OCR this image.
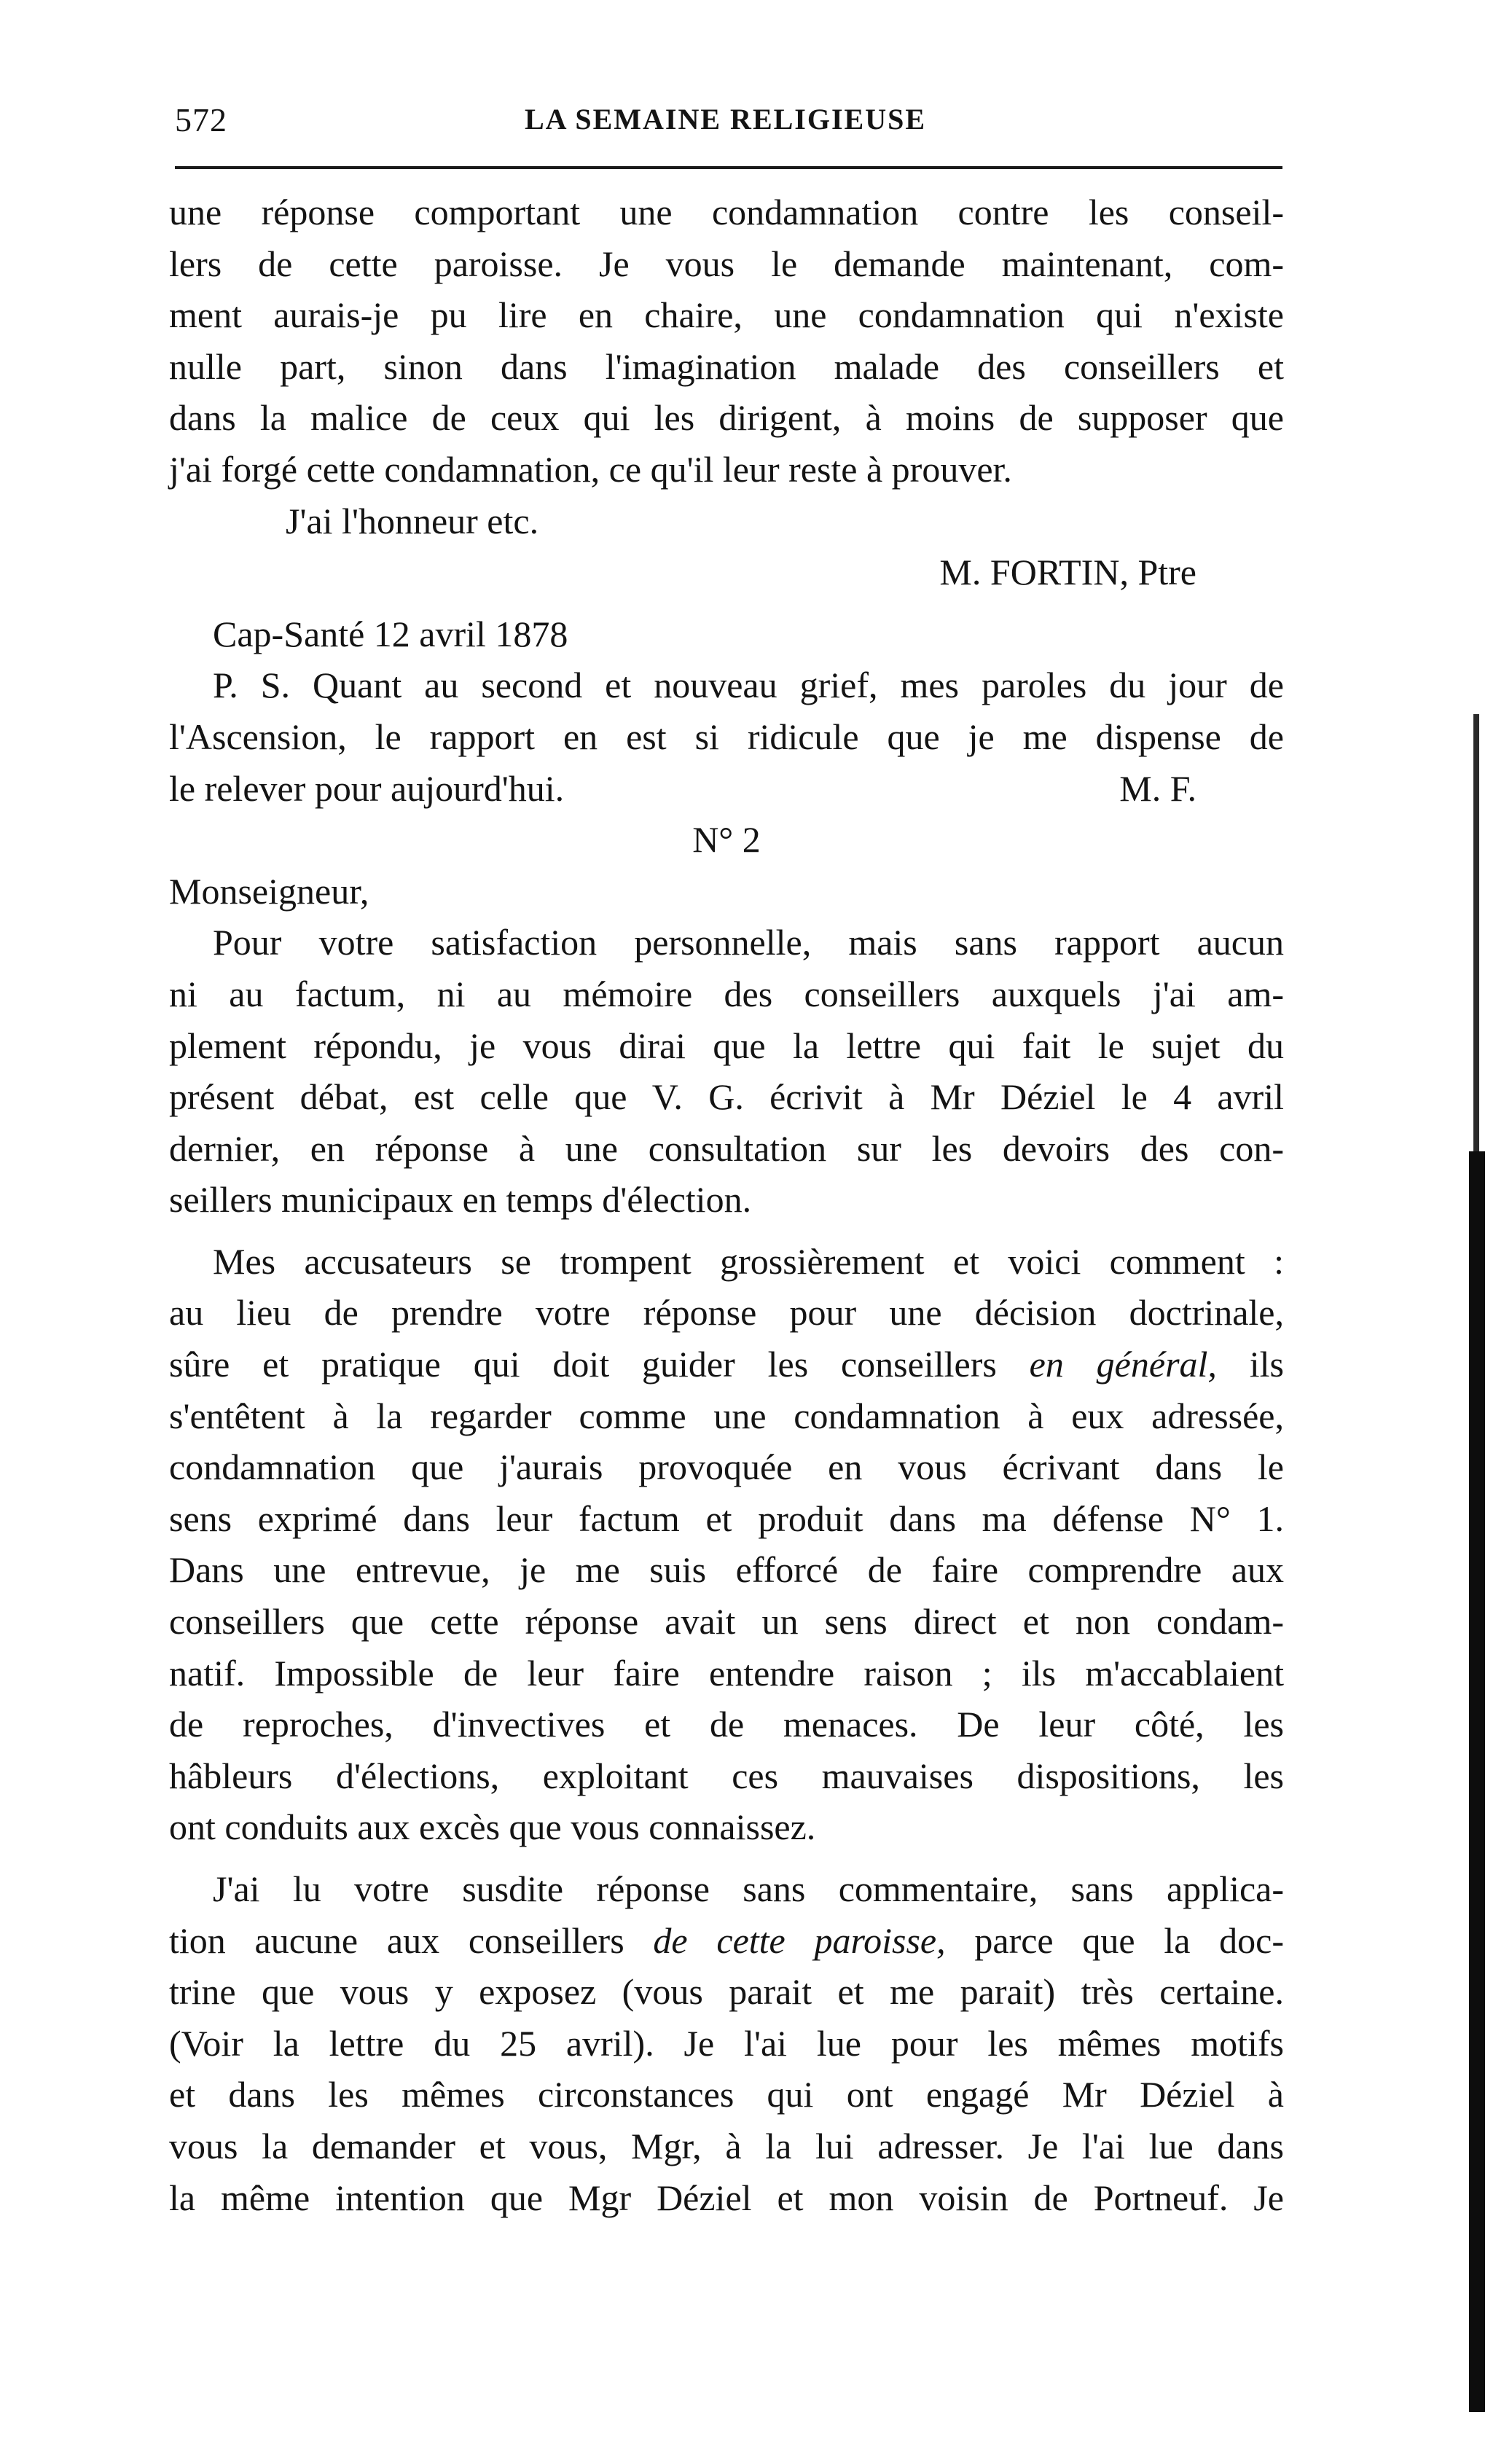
572	LA SEMAINE RELIGIEUSE
une réponse comportant une condamnation contre les conseil-
lers de cette paroisse. Je vous le demande maintenant, com-
ment aurais-je pu lire en chaire, une condamnation qui n'existe
nulle part, sinon dans l'imagination malade des conseillers et
dans la malice de ceux qui les dirigent, à moins de supposer que
j'ai forgé cette condamnation, ce qu'il leur reste à prouver.
J'ai l'honneur etc.
M. FORTIN, Ptre
Cap-Santé 12 avril 1878
P. S. Quant au second et nouveau grief, mes paroles du jour de
l'Ascension, le rapport en est si ridicule que je me dispense de
le relever pour aujourd'hui.	M. F.
N° 2
Monseigneur,
Pour votre satisfaction personnelle, mais sans rapport aucun
ni au factum, ni au mémoire des conseillers auxquels j'ai am-
plement répondu, je vous dirai que la lettre qui fait le sujet du
présent débat, est celle que V. G. écrivit à Mr Déziel le 4 avril
dernier, en réponse à une consultation sur les devoirs des con-
seillers municipaux en temps d'élection.
Mes accusateurs se trompent grossièrement et voici comment :
au lieu de prendre votre réponse pour une décision doctrinale,
sûre et pratique qui doit guider les conseillers en général, ils
s'entêtent à la regarder comme une condamnation à eux adressée,
condamnation que j'aurais provoquée en vous écrivant dans le
sens exprimé dans leur factum et produit dans ma défense N° 1.
Dans une entrevue, je me suis efforcé de faire comprendre aux
conseillers que cette réponse avait un sens direct et non condam-
natif. Impossible de leur faire entendre raison ; ils m'accablaient
de reproches, d'invectives et de menaces. De leur côté, les
hâbleurs d'élections, exploitant ces mauvaises dispositions, les
ont conduits aux excès que vous connaissez.
J'ai lu votre susdite réponse sans commentaire, sans applica-
tion aucune aux conseillers de cette paroisse, parce que la doc-
trine que vous y exposez (vous parait et me parait) très certaine.
(Voir la lettre du 25 avril). Je l'ai lue pour les mêmes motifs
et dans les mêmes circonstances qui ont engagé Mr Déziel à
vous la demander et vous, Mgr, à la lui adresser. Je l'ai lue dans
la même intention que Mgr Déziel et mon voisin de Portneuf. Je
